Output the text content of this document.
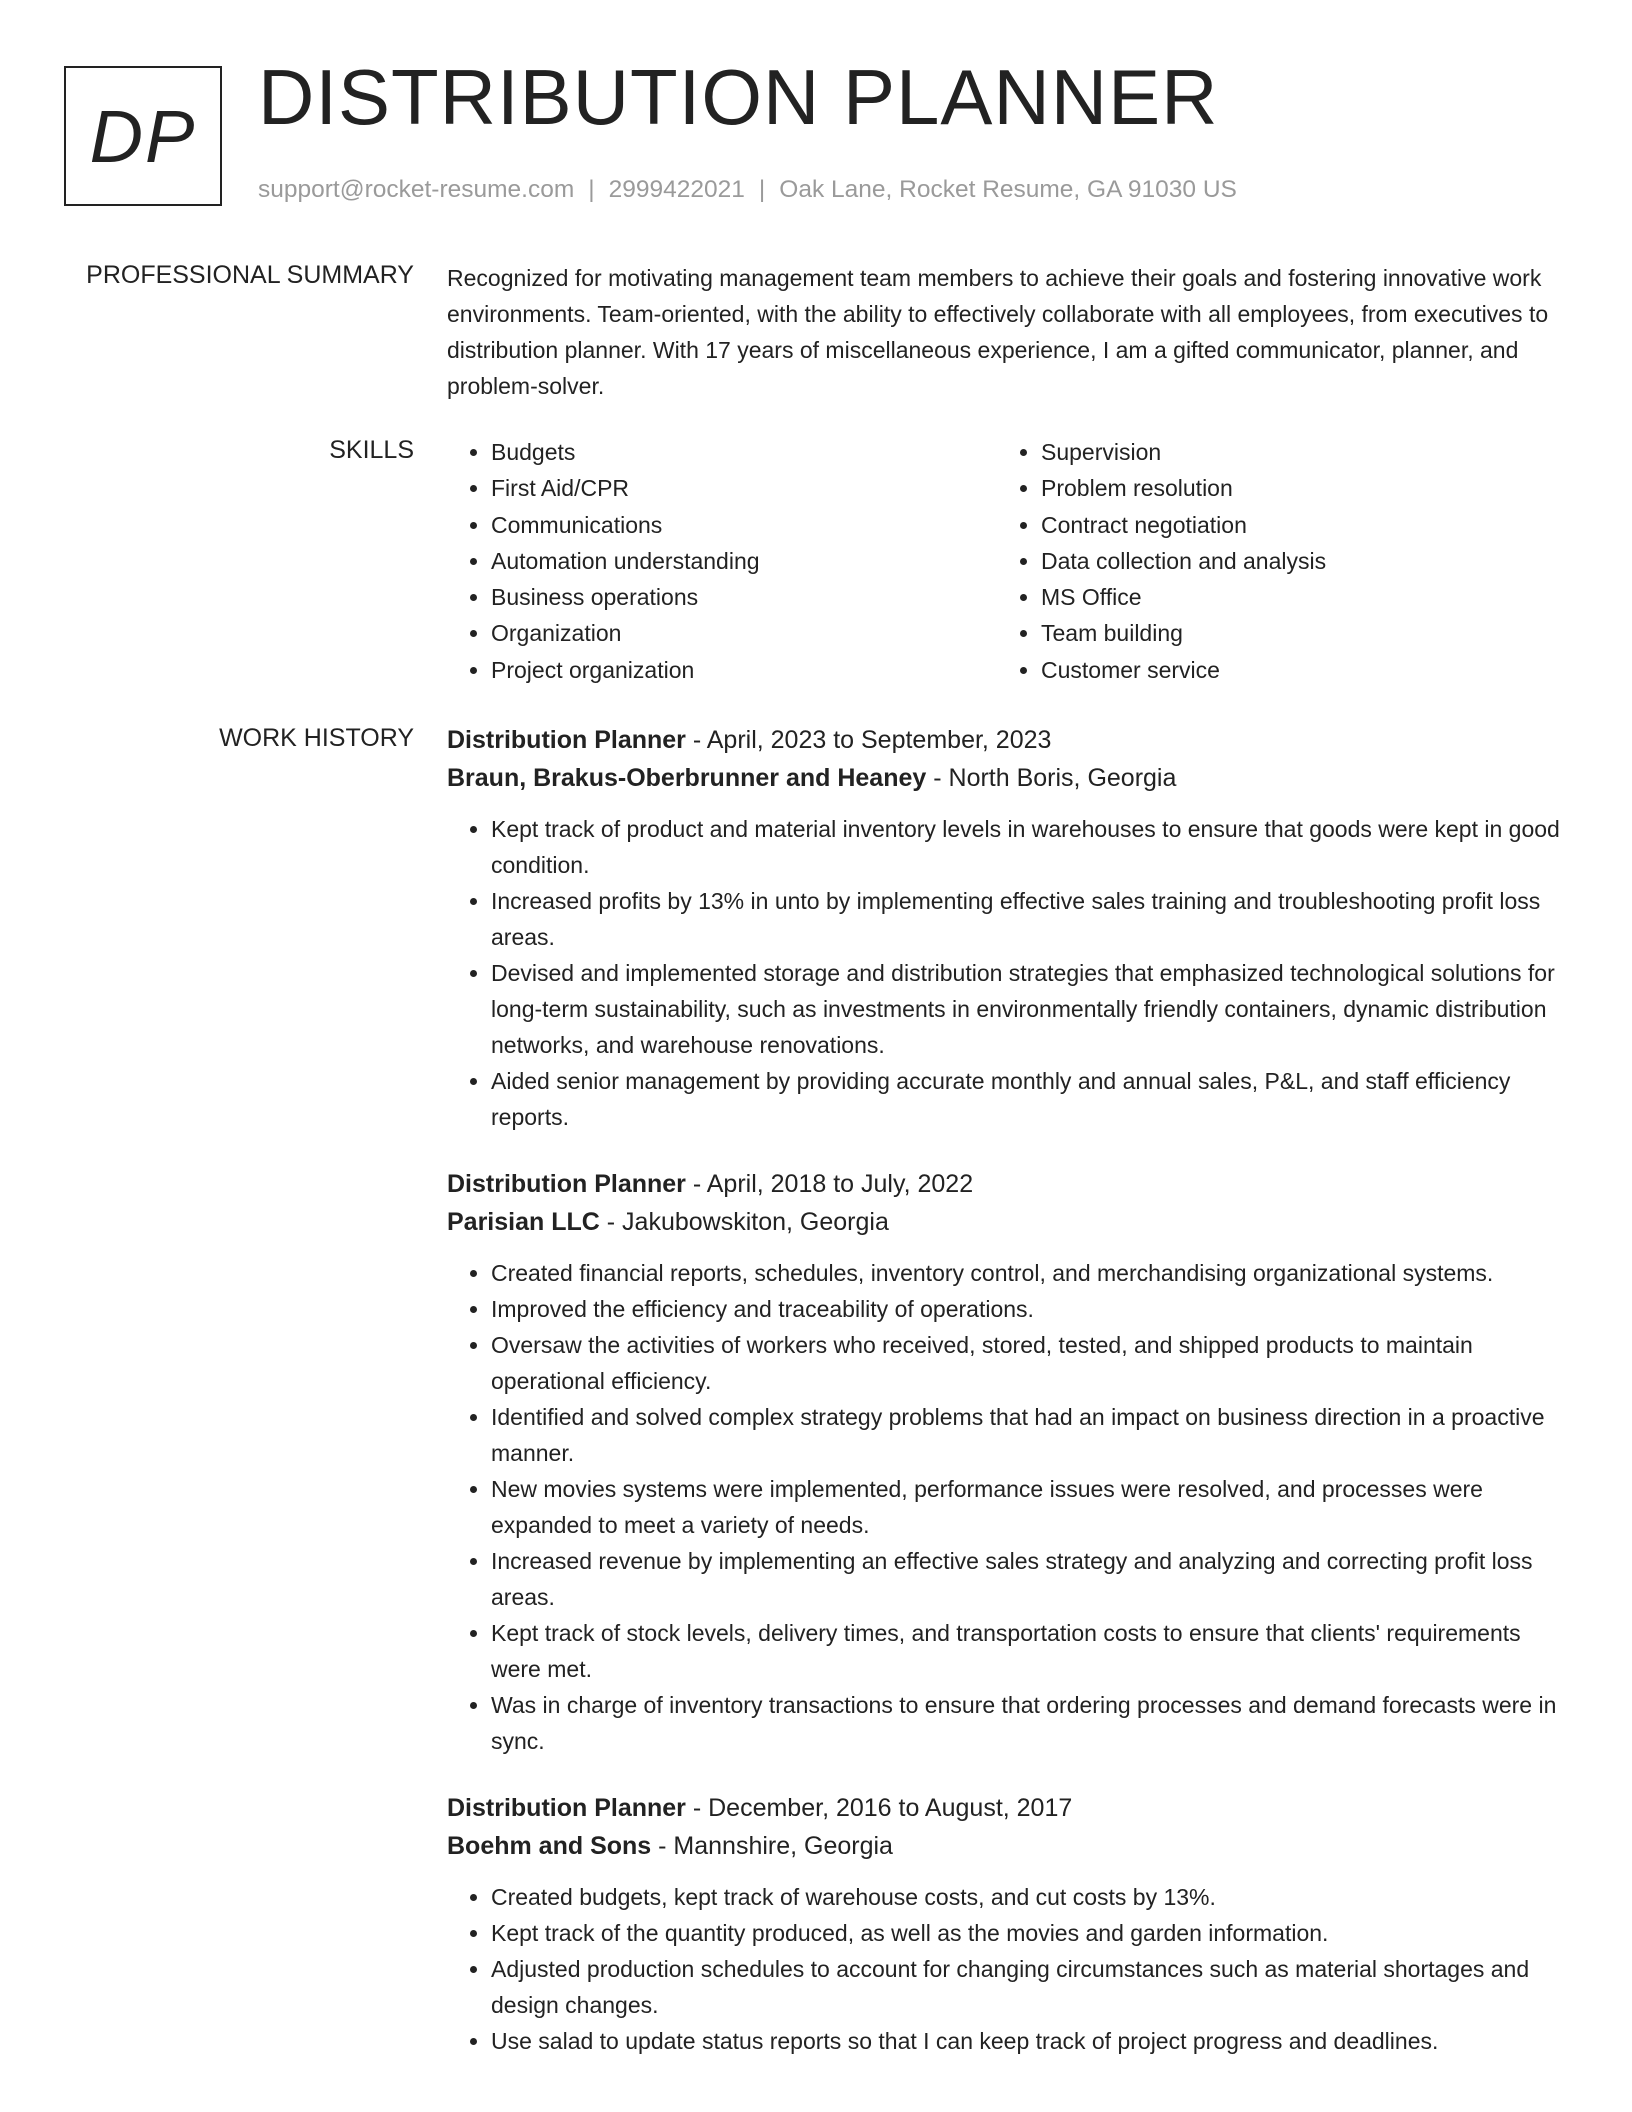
DP DISTRIBUTION PLANNER
support@rocket-resume.com | 2999422021 | Oak Lane, Rocket Resume, GA 91030 US
PROFESSIONAL SUMMARY Recognized for motivating management team members to achieve their goals and fostering innovative work environments. Team-oriented, with the ability to effectively collaborate with all employees, from executives to distribution planner. With 17 years of miscellaneous experience, I am a gifted communicator, planner, and problem-solver.
SKILLS
•	Budgets
• First Aid/CPR
• Communications
• Automation understanding
• Business operations
• Organization
• Project organization
• Supervision
• Problem resolution
• Contract negotiation
• Data collection and analysis
• MS Office
• Team building
• Customer service
WORK HISTORY Distribution Planner - April, 2023 to September, 2023
Braun, Brakus-Oberbrunner and Heaney - North Boris, Georgia
• Kept track of product and material inventory levels in warehouses to ensure that goods were kept in good condition.
• Increased profits by 13% in unto by implementing effective sales training and troubleshooting profit loss areas.
• Devised and implemented storage and distribution strategies that emphasized technological solutions for long-term sustainability, such as investments in environmentally friendly containers, dynamic distribution networks, and warehouse renovations.
• Aided senior management by providing accurate monthly and annual sales, P&L, and staff efficiency reports.
Distribution Planner - April, 2018 to July, 2022
Parisian LLC - Jakubowskiton, Georgia
• Created financial reports, schedules, inventory control, and merchandising organizational systems.
• Improved the efficiency and traceability of operations.
• Oversaw the activities of workers who received, stored, tested, and shipped products to maintain operational efficiency.
• Identified and solved complex strategy problems that had an impact on business direction in a proactive manner.
• New movies systems were implemented, performance issues were resolved, and processes were expanded to meet a variety of needs.
• Increased revenue by implementing an effective sales strategy and analyzing and correcting profit loss areas.
• Kept track of stock levels, delivery times, and transportation costs to ensure that clients' requirements were met.
• Was in charge of inventory transactions to ensure that ordering processes and demand forecasts were in sync.
Distribution Planner - December, 2016 to August, 2017
Boehm and Sons - Mannshire, Georgia
• Created budgets, kept track of warehouse costs, and cut costs by 13%.
• Kept track of the quantity produced, as well as the movies and garden information.
• Adjusted production schedules to account for changing circumstances such as material shortages and design changes.
• Use salad to update status reports so that I can keep track of project progress and deadlines.
